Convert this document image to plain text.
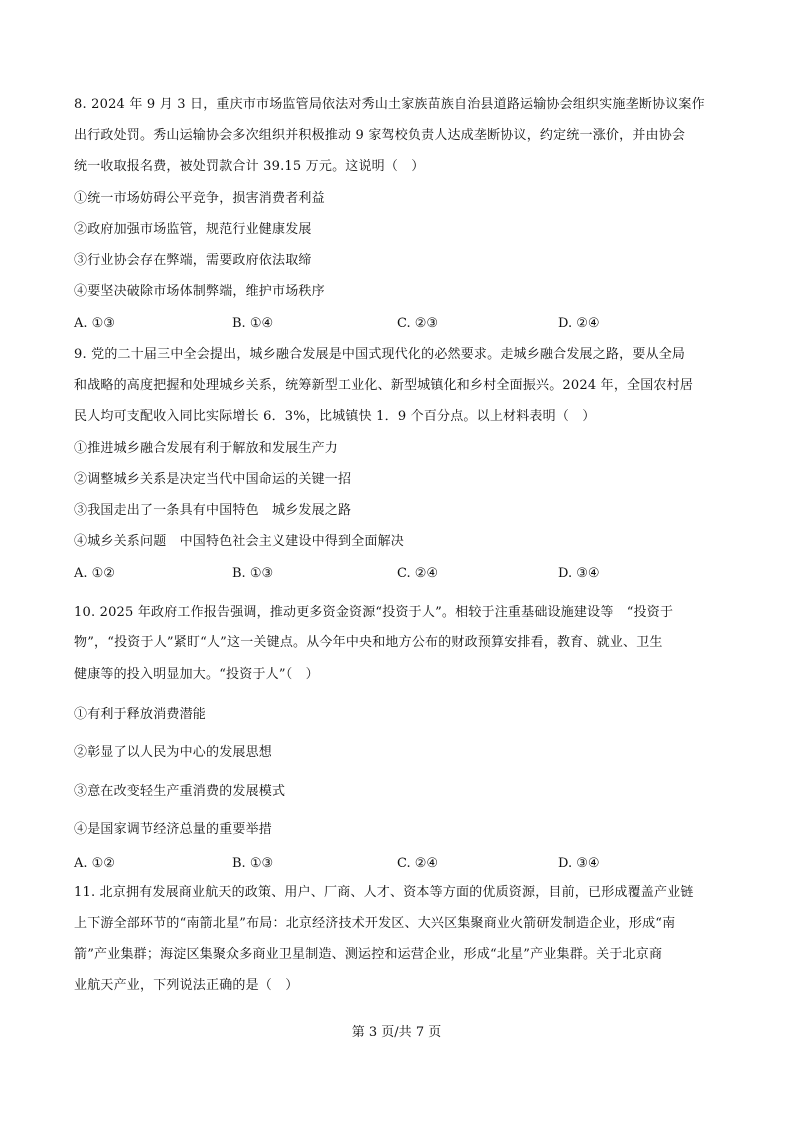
8. 2024 年 9 月 3 日，重庆市市场监管局依法对秀山土家族苗族自治县道路运输协会组织实施垄断协议案作
出行政处罚。秀山运输协会多次组织并积极推动 9 家驾校负责人达成垄断协议，约定统一涨价，并由协会
统一收取报名费，被处罚款合计 39.15 万元。这说明（　）
①统一市场妨碍公平竞争，损害消费者利益
②政府加强市场监管，规范行业健康发展
③行业协会存在弊端，需要政府依法取缔
④要坚决破除市场体制弊端，维护市场秩序
A. ①③	B. ①④	C. ②③	D. ②④
9. 党的二十届三中全会提出，城乡融合发展是中国式现代化的必然要求。走城乡融合发展之路，要从全局
和战略的高度把握和处理城乡关系，统筹新型工业化、新型城镇化和乡村全面振兴。2024 年，全国农村居
民人均可支配收入同比实际增长 6．3%，比城镇快 1．9 个百分点。以上材料表明（　）
①推进城乡融合发展有利于解放和发展生产力
②调整城乡关系是决定当代中国命运的关键一招
③我国走出了一条具有中国特色　城乡发展之路
④城乡关系问题　中国特色社会主义建设中得到全面解决
A. ①②	B. ①③	C. ②④	D. ③④
10. 2025 年政府工作报告强调，推动更多资金资源“投资于人”。相较于注重基础设施建设等　“投资于
物”，“投资于人”紧盯“人”这一关键点。从今年中央和地方公布的财政预算安排看，教育、就业、卫生
健康等的投入明显加大。“投资于人”（　）
①有利于释放消费潜能
②彰显了以人民为中心的发展思想
③意在改变轻生产重消费的发展模式
④是国家调节经济总量的重要举措
A. ①②	B. ①③	C. ②④	D. ③④
11. 北京拥有发展商业航天的政策、用户、厂商、人才、资本等方面的优质资源，目前，已形成覆盖产业链
上下游全部环节的“南箭北星”布局：北京经济技术开发区、大兴区集聚商业火箭研发制造企业，形成“南
箭”产业集群；海淀区集聚众多商业卫星制造、测运控和运营企业，形成“北星”产业集群。关于北京商
业航天产业，下列说法正确的是（　）
第 3 页/共 7 页
